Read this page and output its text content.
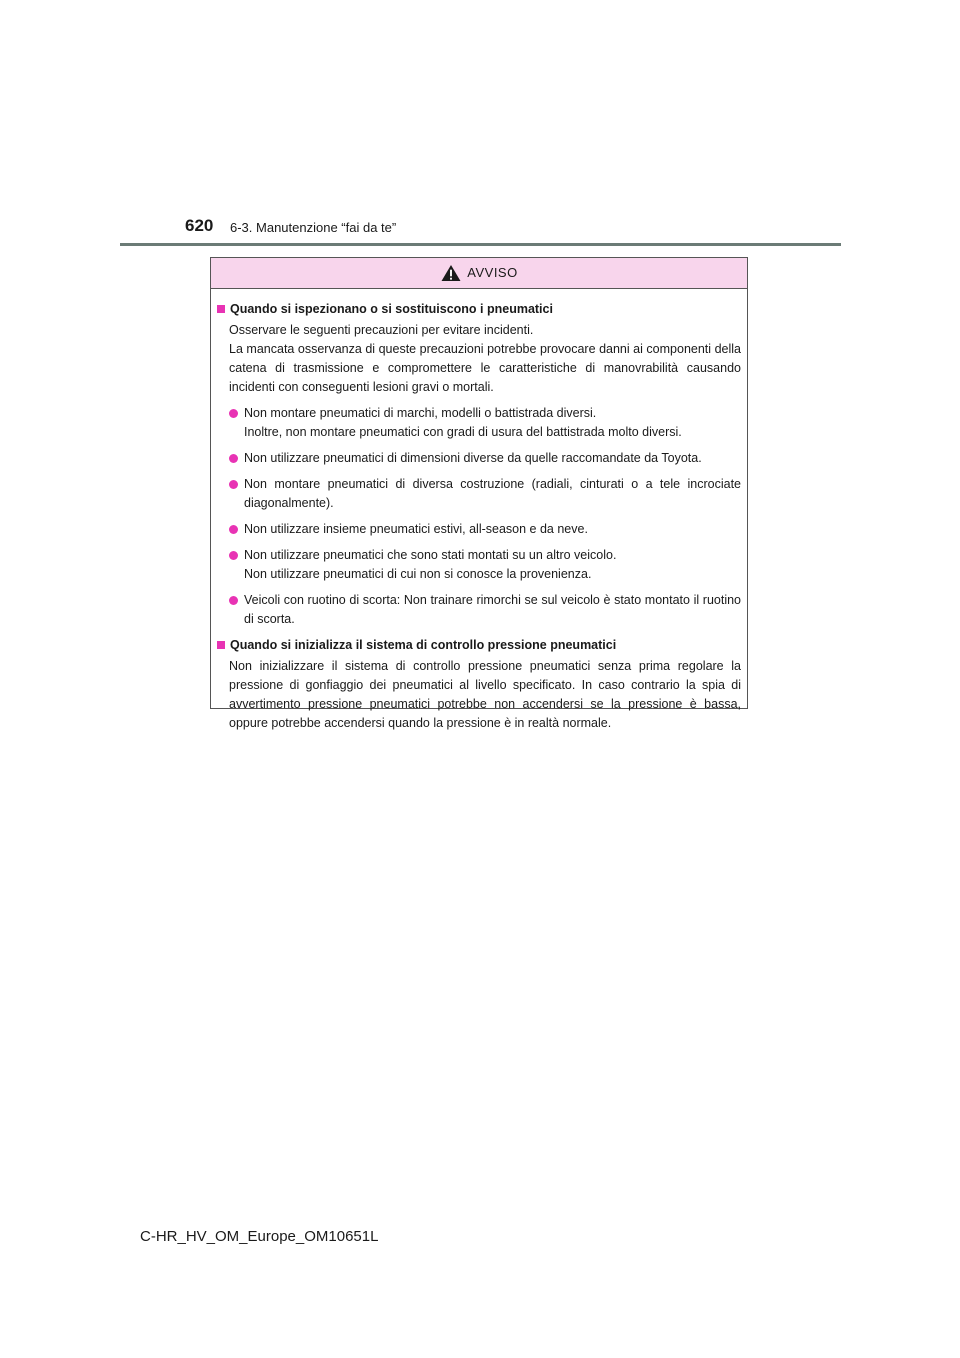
620 6-3. Manutenzione “fai da te”
AVVISO
Quando si ispezionano o si sostituiscono i pneumatici

Osservare le seguenti precauzioni per evitare incidenti.
La mancata osservanza di queste precauzioni potrebbe provocare danni ai componenti della catena di trasmissione e compromettere le caratteristiche di manovrabilità causando incidenti con conseguenti lesioni gravi o mortali.

Non montare pneumatici di marchi, modelli o battistrada diversi.
Inoltre, non montare pneumatici con gradi di usura del battistrada molto diversi.
Non utilizzare pneumatici di dimensioni diverse da quelle raccomandate da Toyota.
Non montare pneumatici di diversa costruzione (radiali, cinturati o a tele incrociate diagonalmente).
Non utilizzare insieme pneumatici estivi, all-season e da neve.
Non utilizzare pneumatici che sono stati montati su un altro veicolo.
Non utilizzare pneumatici di cui non si conosce la provenienza.
Veicoli con ruotino di scorta: Non trainare rimorchi se sul veicolo è stato montato il ruotino di scorta.
Quando si inizializza il sistema di controllo pressione pneumatici

Non inizializzare il sistema di controllo pressione pneumatici senza prima regolare la pressione di gonfiaggio dei pneumatici al livello specificato. In caso contrario la spia di avvertimento pressione pneumatici potrebbe non accendersi se la pressione è bassa, oppure potrebbe accendersi quando la pressione è in realtà normale.

C-HR_HV_OM_Europe_OM10651L
